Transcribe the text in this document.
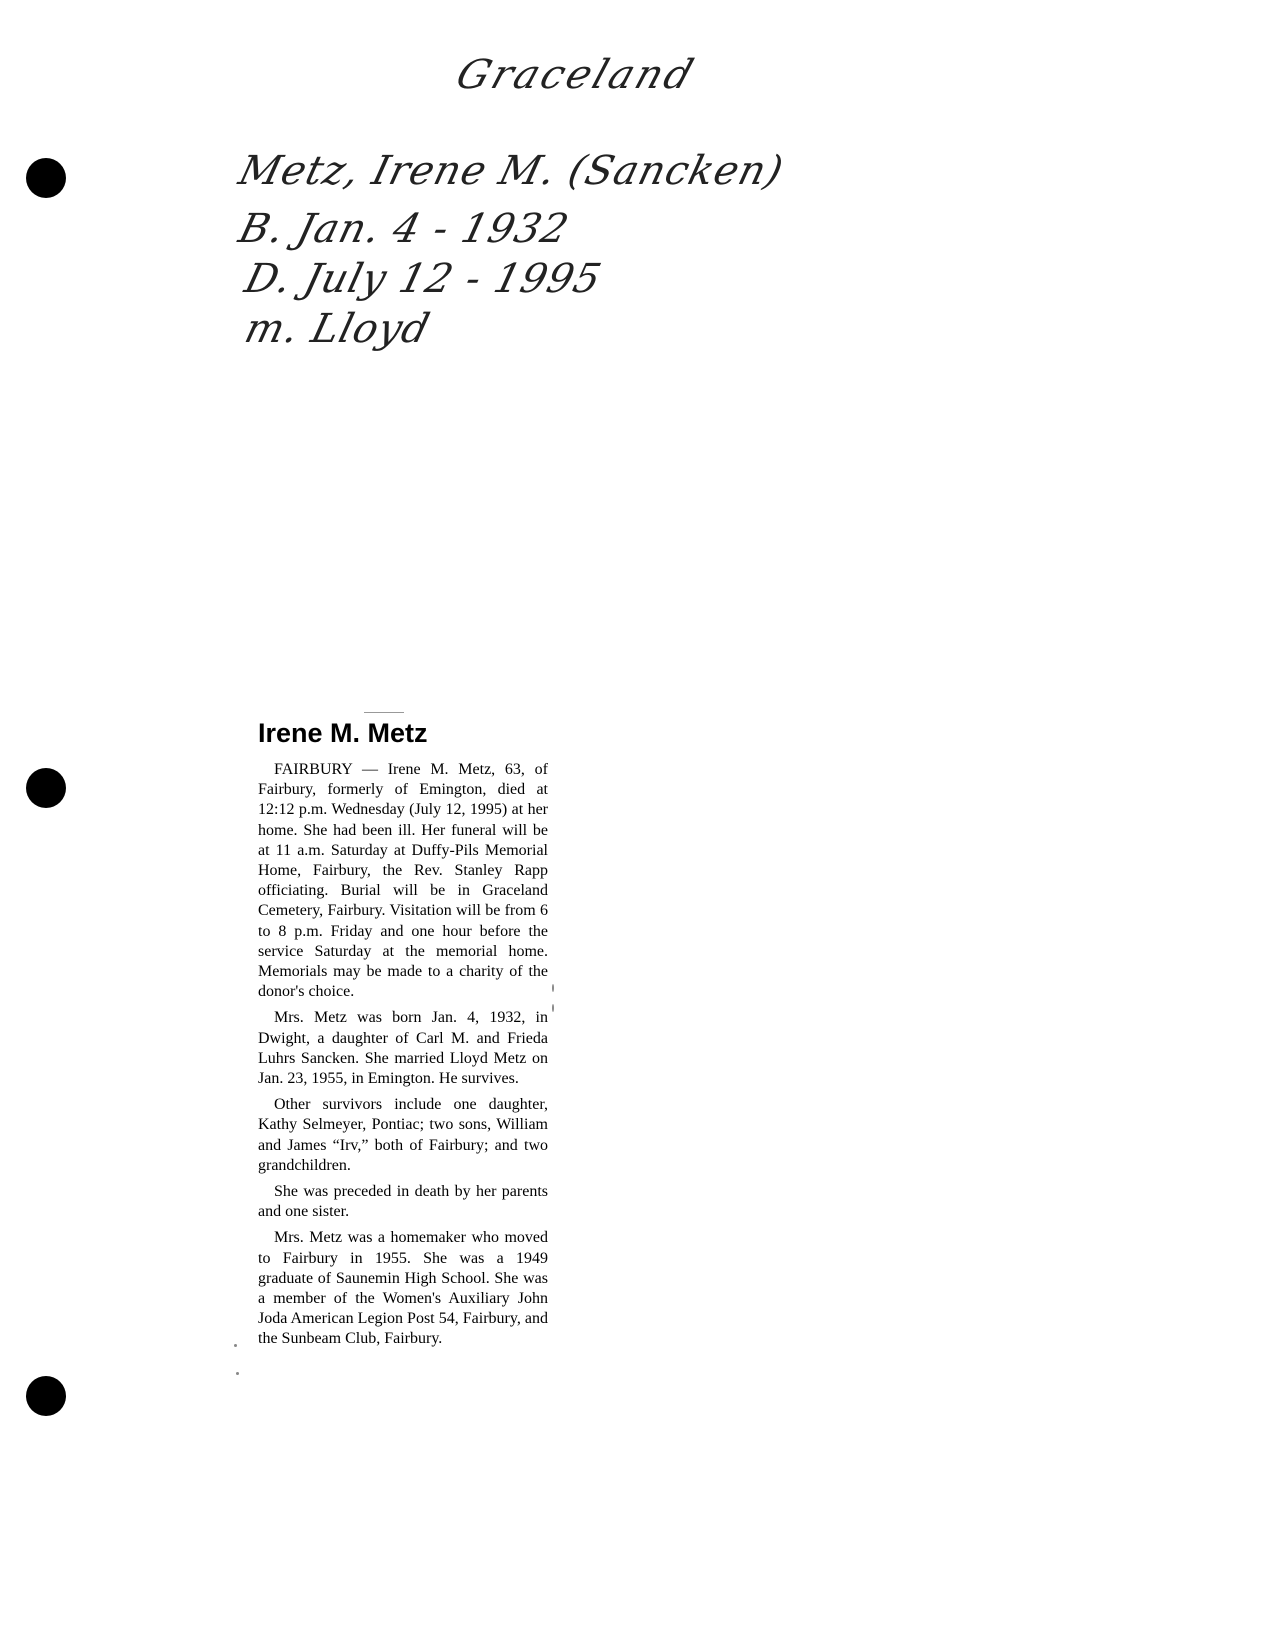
Graceland
Metz, Irene M. (Sancken)
B. Jan. 4 - 1932
D. July 12 - 1995
m. Lloyd
Irene M. Metz

FAIRBURY — Irene M. Metz, 63, of Fairbury, formerly of Emington, died at 12:12 p.m. Wednesday (July 12, 1995) at her home. She had been ill. Her funeral will be at 11 a.m. Saturday at Duffy-Pils Memorial Home, Fairbury, the Rev. Stanley Rapp officiating. Burial will be in Graceland Cemetery, Fairbury. Visitation will be from 6 to 8 p.m. Friday and one hour before the service Saturday at the memorial home. Memorials may be made to a charity of the donor's choice.

Mrs. Metz was born Jan. 4, 1932, in Dwight, a daughter of Carl M. and Frieda Luhrs Sancken. She married Lloyd Metz on Jan. 23, 1955, in Emington. He survives.

Other survivors include one daughter, Kathy Selmeyer, Pontiac; two sons, William and James “Irv,” both of Fairbury; and two grandchildren.

She was preceded in death by her parents and one sister.

Mrs. Metz was a homemaker who moved to Fairbury in 1955. She was a 1949 graduate of Saunemin High School. She was a member of the Women's Auxiliary John Joda American Legion Post 54, Fairbury, and the Sunbeam Club, Fairbury.
